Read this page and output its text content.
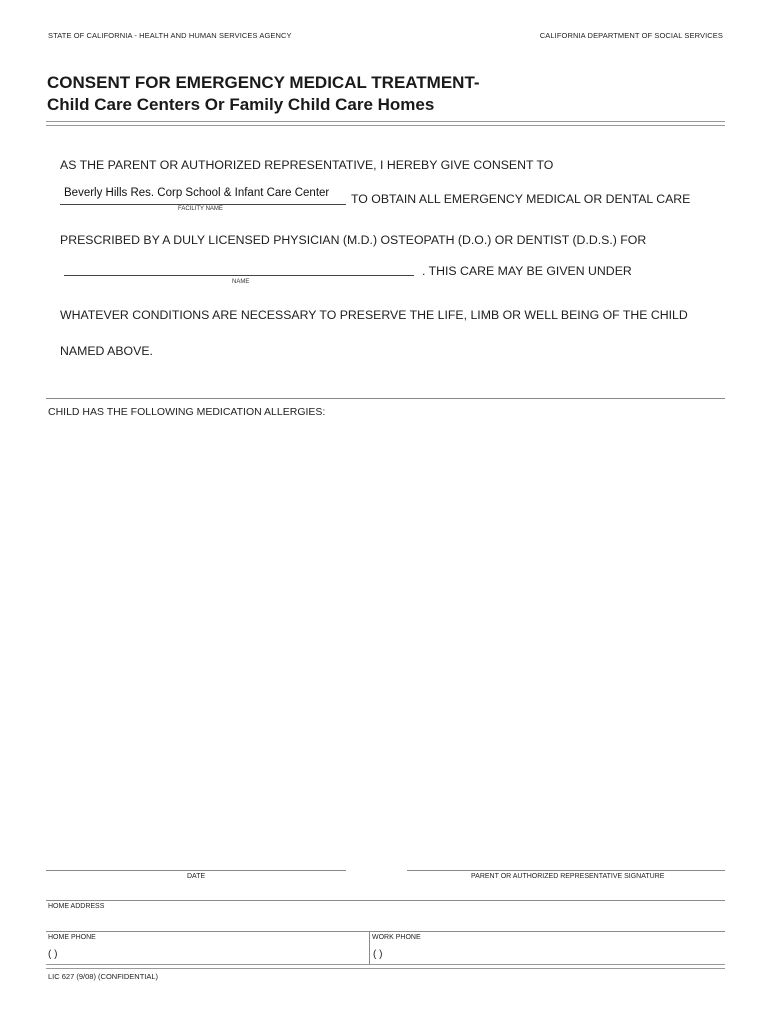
STATE OF CALIFORNIA - HEALTH AND HUMAN SERVICES AGENCY	CALIFORNIA DEPARTMENT OF SOCIAL SERVICES
CONSENT FOR EMERGENCY MEDICAL TREATMENT-
Child Care Centers Or Family Child Care Homes
AS THE PARENT OR AUTHORIZED REPRESENTATIVE, I HEREBY GIVE CONSENT TO
Beverly Hills Res. Corp School & Infant Care Center
FACILITY NAME
TO OBTAIN ALL EMERGENCY MEDICAL OR DENTAL CARE
PRESCRIBED BY A DULY LICENSED PHYSICIAN (M.D.) OSTEOPATH (D.O.) OR DENTIST (D.D.S.) FOR
NAME
. THIS CARE MAY BE GIVEN UNDER
WHATEVER CONDITIONS ARE NECESSARY TO PRESERVE THE LIFE, LIMB OR WELL BEING OF THE CHILD
NAMED ABOVE.
CHILD HAS THE FOLLOWING MEDICATION ALLERGIES:
DATE	PARENT OR AUTHORIZED REPRESENTATIVE SIGNATURE
HOME ADDRESS
HOME PHONE
( )
WORK PHONE
( )
LIC 627 (9/08) (CONFIDENTIAL)
